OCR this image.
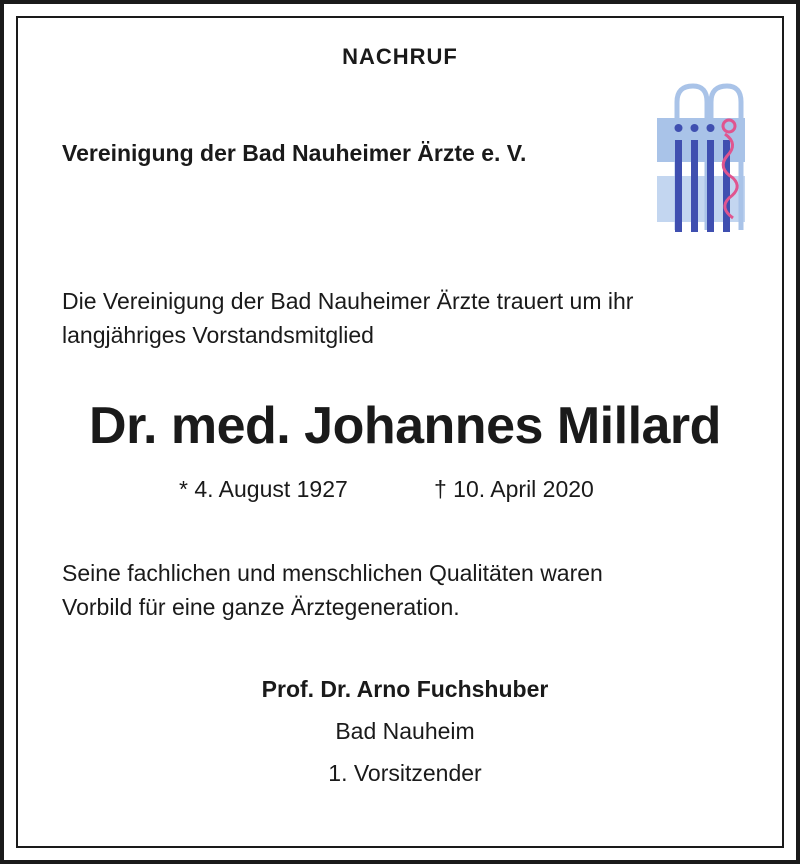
NACHRUF
Vereinigung der Bad Nauheimer Ärzte e. V.
Die Vereinigung der Bad Nauheimer Ärzte trauert um ihr
langjähriges Vorstandsmitglied
Dr. med. Johannes Millard
* 4. August 1927	† 10. April 2020
Seine fachlichen und menschlichen Qualitäten waren
Vorbild für eine ganze Ärztegeneration.
Prof. Dr. Arno Fuchshuber
Bad Nauheim
1. Vorsitzender
